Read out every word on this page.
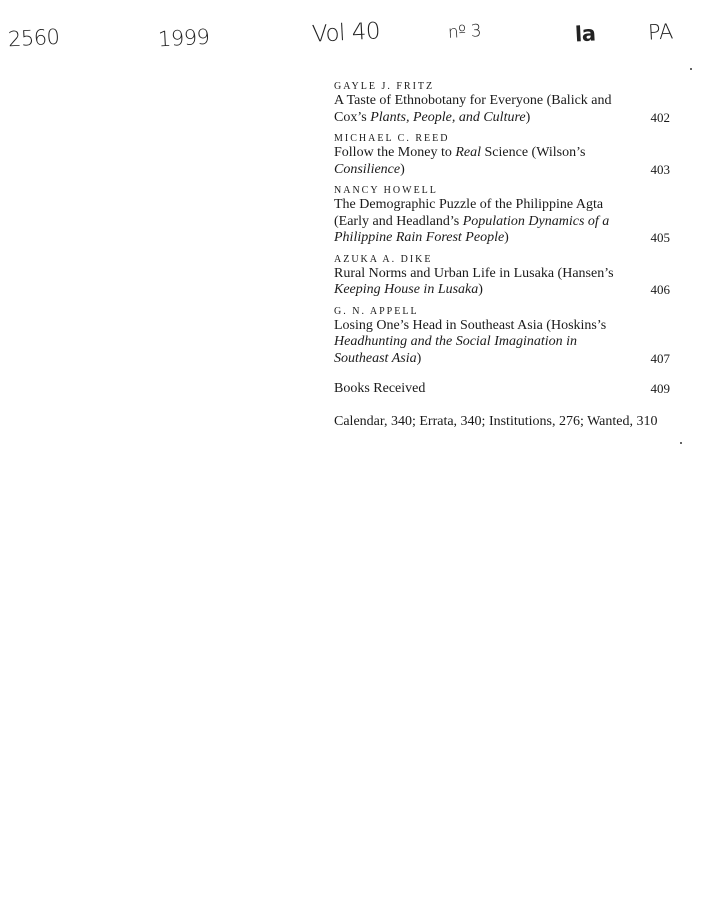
2560	1999	Vol 40	nº 3	la PA
GAYLE J. FRITZ
A Taste of Ethnobotany for Everyone (Balick and Cox’s Plants, People, and Culture)	402
MICHAEL C. REED
Follow the Money to Real Science (Wilson’s Consilience)	403
NANCY HOWELL
The Demographic Puzzle of the Philippine Agta (Early and Headland’s Population Dynamics of a Philippine Rain Forest People)	405
AZUKA A. DIKE
Rural Norms and Urban Life in Lusaka (Hansen’s Keeping House in Lusaka)	406
G. N. APPELL
Losing One’s Head in Southeast Asia (Hoskins’s Headhunting and the Social Imagination in Southeast Asia)	407
Books Received	409
Calendar, 340; Errata, 340; Institutions, 276; Wanted, 310
